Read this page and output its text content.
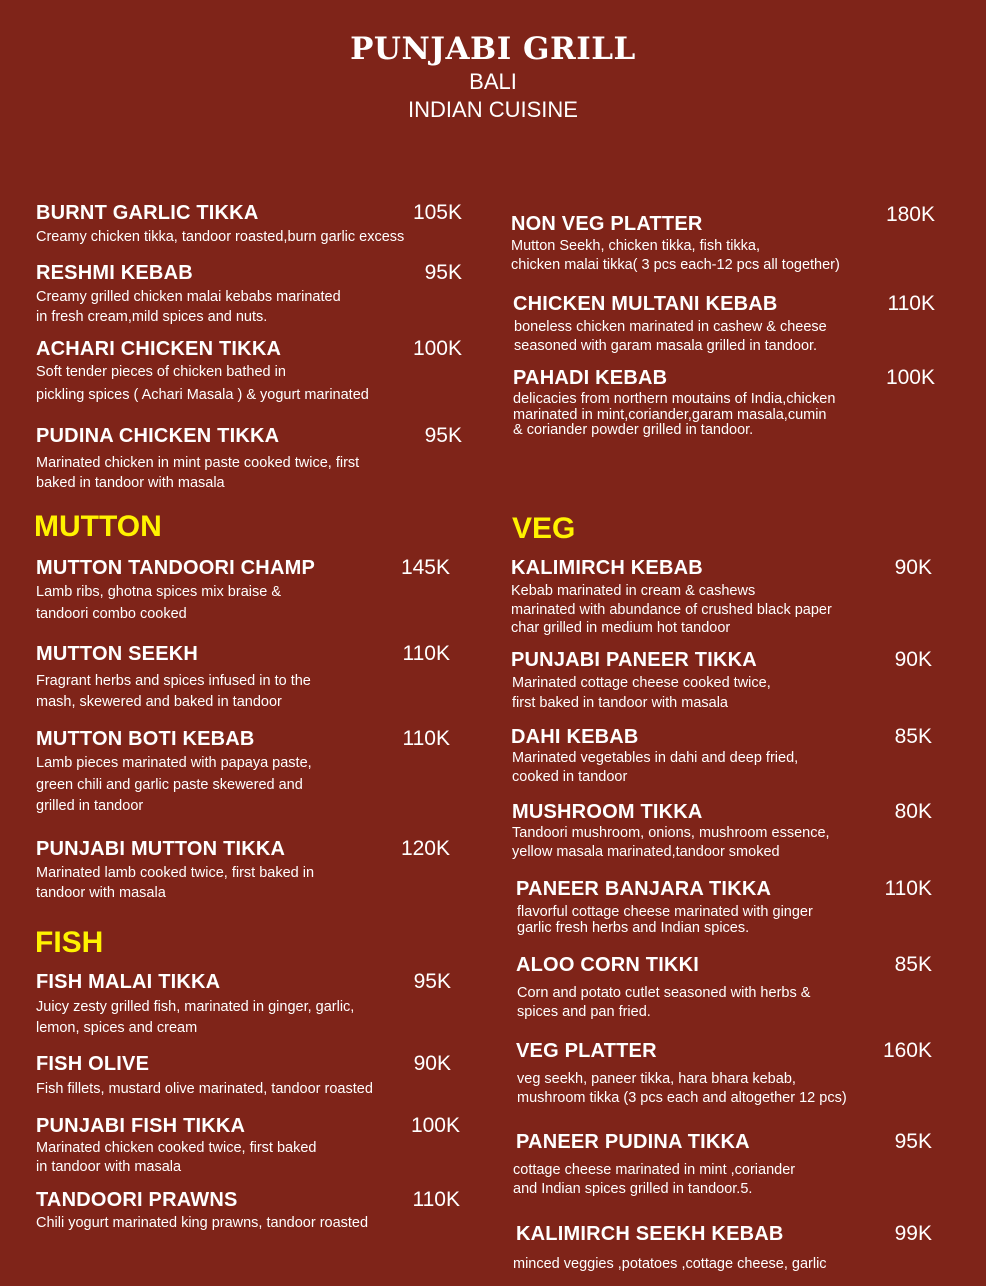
PUNJABI GRILL
BALI
INDIAN CUISINE
BURNT GARLIC TIKKA	105K
Creamy chicken tikka, tandoor roasted,burn garlic excess
RESHMI KEBAB	95K
Creamy grilled chicken malai kebabs marinated
in fresh cream,mild spices and nuts.
ACHARI CHICKEN TIKKA	100K
Soft tender pieces of chicken bathed in
pickling spices ( Achari Masala ) & yogurt marinated
PUDINA CHICKEN TIKKA	95K
Marinated chicken in mint paste cooked twice, first
baked in tandoor with masala
MUTTON
MUTTON TANDOORI CHAMP	145K
Lamb ribs, ghotna spices mix braise &
tandoori combo cooked
MUTTON SEEKH	110K
Fragrant herbs and spices infused in to the
mash, skewered and baked in tandoor
MUTTON BOTI KEBAB	110K
Lamb pieces marinated with papaya paste,
green chili and garlic paste skewered and
grilled in tandoor
PUNJABI MUTTON TIKKA	120K
Marinated lamb cooked twice, first baked in
tandoor with masala
FISH
FISH MALAI TIKKA	95K
Juicy zesty grilled fish, marinated in ginger, garlic,
lemon, spices and cream
FISH OLIVE	90K
Fish fillets, mustard olive marinated, tandoor roasted
PUNJABI FISH TIKKA	100K
Marinated chicken cooked twice, first baked
in tandoor with masala
TANDOORI PRAWNS	110K
Chili yogurt marinated king prawns, tandoor roasted
NON VEG PLATTER	180K
Mutton Seekh, chicken tikka, fish tikka,
chicken malai tikka( 3 pcs each-12 pcs all together)
CHICKEN MULTANI KEBAB	110K
boneless chicken marinated in cashew & cheese
seasoned with garam masala grilled in tandoor.
PAHADI KEBAB	100K
delicacies from northern moutains of India,chicken
marinated in mint,coriander,garam masala,cumin
& coriander powder grilled in tandoor.
VEG
KALIMIRCH KEBAB	90K
Kebab marinated in cream & cashews
marinated with abundance of crushed black paper
char grilled in medium hot tandoor
PUNJABI PANEER TIKKA	90K
Marinated cottage cheese cooked twice,
first baked in tandoor with masala
DAHI KEBAB	85K
Marinated vegetables in dahi and deep fried,
cooked in tandoor
MUSHROOM TIKKA	80K
Tandoori mushroom, onions, mushroom essence,
yellow masala marinated,tandoor smoked
PANEER BANJARA TIKKA	110K
flavorful cottage cheese marinated with ginger
garlic fresh herbs and Indian spices.
ALOO CORN TIKKI	85K
Corn and potato cutlet seasoned with herbs &
spices and pan fried.
VEG PLATTER	160K
veg seekh, paneer tikka, hara bhara kebab,
mushroom tikka (3 pcs each and altogether 12 pcs)
PANEER PUDINA TIKKA	95K
cottage cheese marinated in mint ,coriander
and Indian spices grilled in tandoor.5.
KALIMIRCH SEEKH KEBAB	99K
minced veggies ,potatoes ,cottage cheese, garlic
